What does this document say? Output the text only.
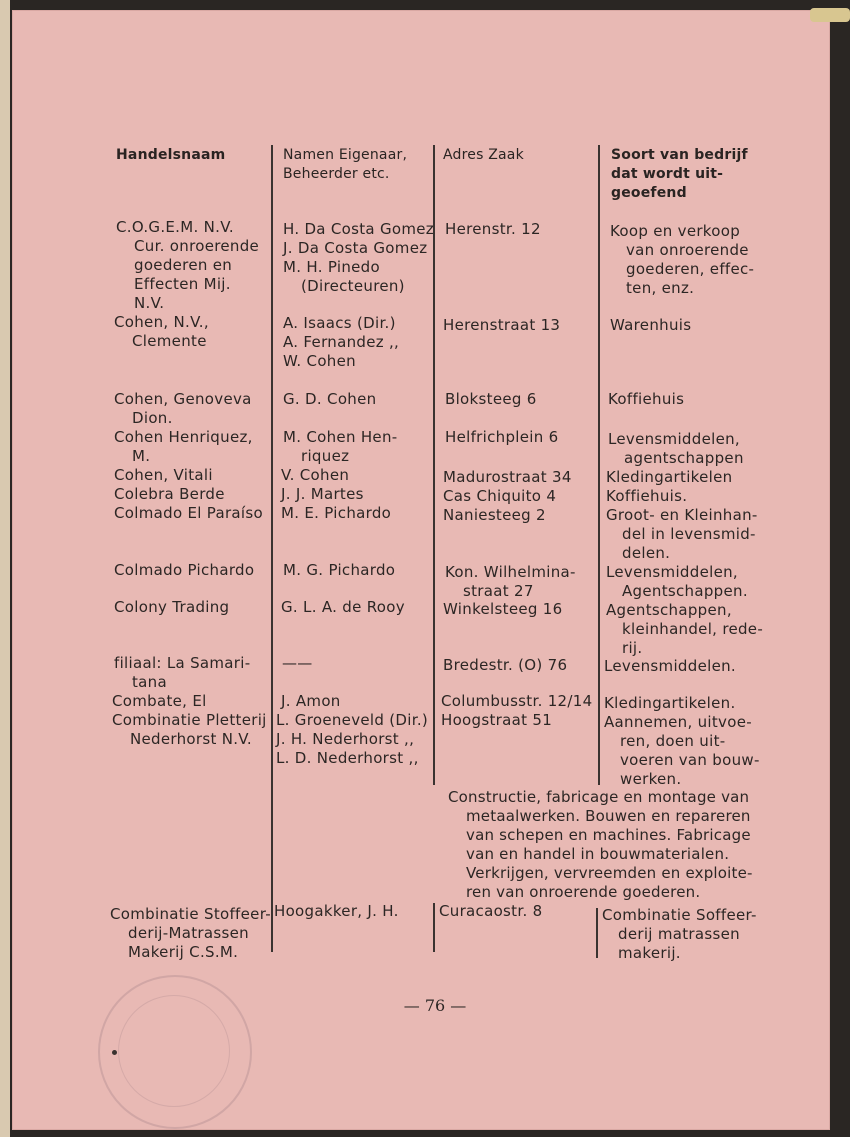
Handelsnaam	Namen Eigenaar,
Beheerder etc.
Adres Zaak	Soort van bedrijf
dat wordt uit-
geoefend
C.O.G.E.M. N.V.
Cur. onroerende
goederen en
Effecten Mij.
N.V.
Cohen, N.V.,
Clemente
Cohen, Genoveva
Dion.
Cohen Henriquez,
M.
Cohen, Vitali
Colebra Berde
Colmado El Paraíso
Colmado Pichardo
Colony Trading
filiaal: La Samari-
tana
Combate, El
Combinatie Pletterij
Nederhorst N.V.
Combinatie Stoffeer-
derij-Matrassen
Makerij C.S.M.
H. Da Costa Gomez
J. Da Costa Gomez
M. H. Pinedo
(Directeuren)
A. Isaacs (Dir.)
A. Fernandez ,,
W. Cohen
G. D. Cohen
M. Cohen Hen-
riquez
V. Cohen
J. J. Martes
M. E. Pichardo
M. G. Pichardo
G. L. A. de Rooy
——
J. Amon
L. Groeneveld (Dir.)
J. H. Nederhorst ,,
L. D. Nederhorst ,,
Hoogakker, J. H.
Herenstr. 12
Herenstraat 13
Bloksteeg 6
Helfrichplein 6
Madurostraat 34
Cas Chiquito 4
Naniesteeg 2
Kon. Wilhelmina-
straat 27
Winkelsteeg 16
Bredestr. (O) 76
Columbusstr. 12/14
Hoogstraat 51
Curacaostr. 8
Koop en verkoop
van onroerende
goederen, effec-
ten, enz.
Warenhuis
Koffiehuis
Levensmiddelen,
agentschappen
Kledingartikelen
Koffiehuis.
Groot- en Kleinhan-
del in levensmid-
delen.
Levensmiddelen,
Agentschappen.
Agentschappen,
kleinhandel, rede-
rij.
Levensmiddelen.
Kledingartikelen.
Aannemen, uitvoe-
ren, doen uit-
voeren van bouw-
werken.
Combinatie Soffeer-
derij matrassen
makerij.
Constructie, fabricage en montage van
metaalwerken. Bouwen en repareren
van schepen en machines. Fabricage
van en handel in bouwmaterialen.
Verkrijgen, vervreemden en exploite-
ren van onroerende goederen.
— 76 —
